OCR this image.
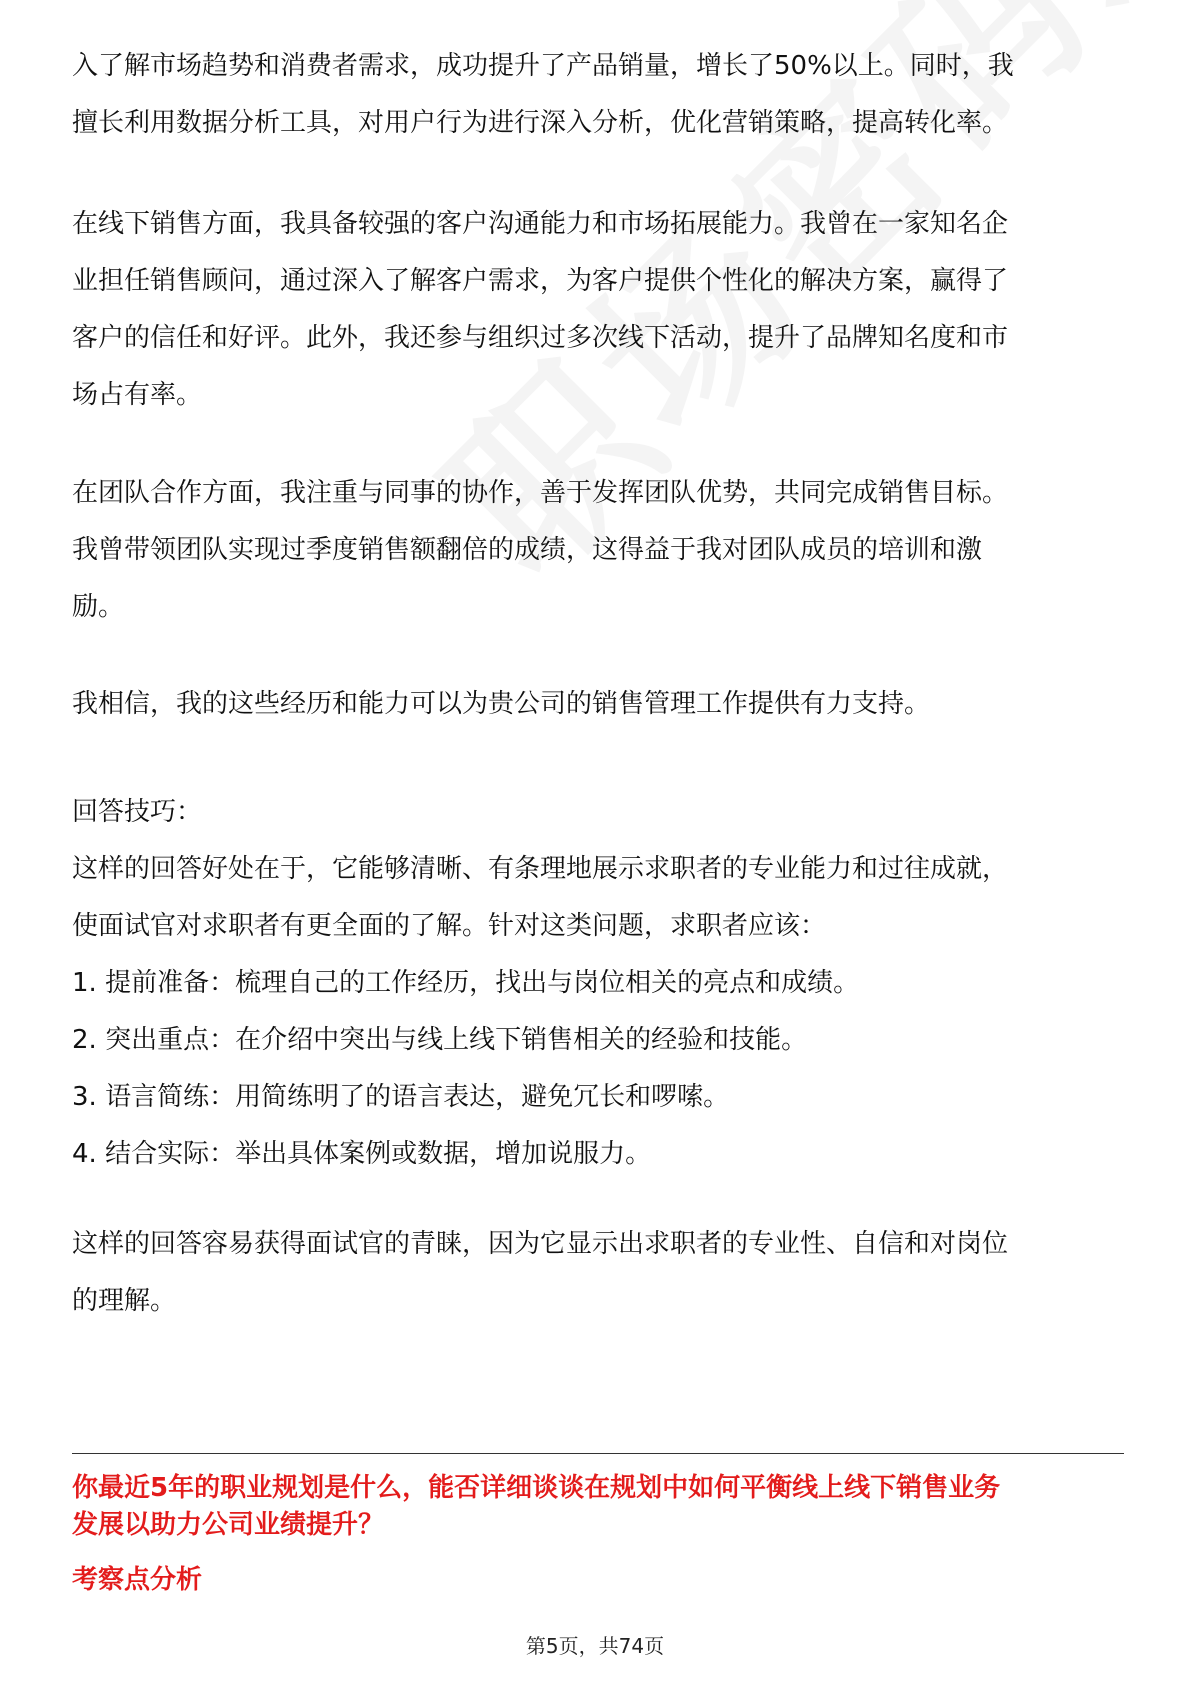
入了解市场趋势和消费者需求，成功提升了产品销量，增长了50%以上。同时，我
擅长利用数据分析工具，对用户行为进行深入分析，优化营销策略，提高转化率。
在线下销售方面，我具备较强的客户沟通能力和市场拓展能力。我曾在一家知名企
业担任销售顾问，通过深入了解客户需求，为客户提供个性化的解决方案，赢得了
客户的信任和好评。此外，我还参与组织过多次线下活动，提升了品牌知名度和市
场占有率。
在团队合作方面，我注重与同事的协作，善于发挥团队优势，共同完成销售目标。
我曾带领团队实现过季度销售额翻倍的成绩，这得益于我对团队成员的培训和激
励。
我相信，我的这些经历和能力可以为贵公司的销售管理工作提供有力支持。
回答技巧：
这样的回答好处在于，它能够清晰、有条理地展示求职者的专业能力和过往成就，
使面试官对求职者有更全面的了解。针对这类问题，求职者应该：
1. 提前准备：梳理自己的工作经历，找出与岗位相关的亮点和成绩。
2. 突出重点：在介绍中突出与线上线下销售相关的经验和技能。
3. 语言简练：用简练明了的语言表达，避免冗长和啰嗦。
4. 结合实际：举出具体案例或数据，增加说服力。
这样的回答容易获得面试官的青睐，因为它显示出求职者的专业性、自信和对岗位
的理解。
你最近5年的职业规划是什么，能否详细谈谈在规划中如何平衡线上线下销售业务
发展以助力公司业绩提升？
考察点分析
第5页，共74页
